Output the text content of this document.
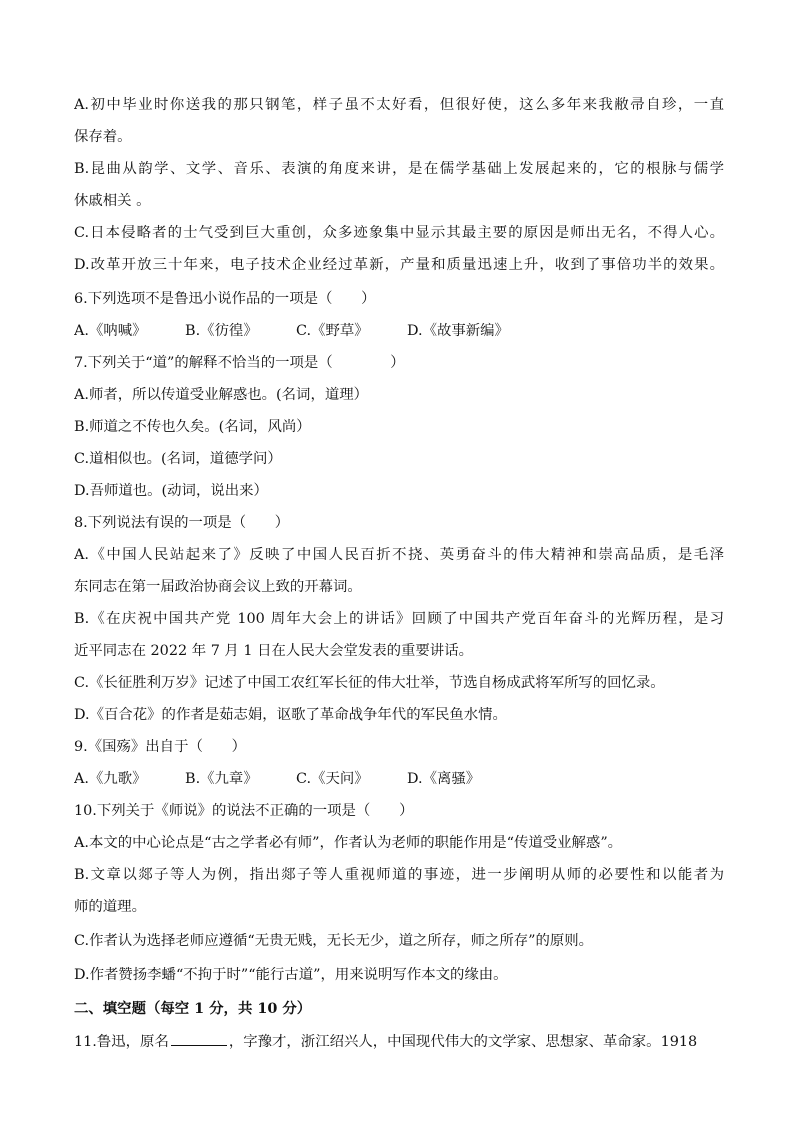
A.初中毕业时你送我的那只钢笔，样子虽不太好看，但很好使，这么多年来我敝帚自珍，一直
保存着。
B.昆曲从韵学、文学、音乐、表演的角度来讲，是在儒学基础上发展起来的，它的根脉与儒学
休戚相关 。
C.日本侵略者的士气受到巨大重创，众多迹象集中显示其最主要的原因是师出无名，不得人心。
D.改革开放三十年来，电子技术企业经过革新，产量和质量迅速上升，收到了事倍功半的效果。
6.下列选项不是鲁迅小说作品的一项是（　　）
A.《呐喊》	B.《彷徨》	C.《野草》	D.《故事新编》
7.下列关于“道”的解释不恰当的一项是（　　　　）
A.师者，所以传道受业解惑也。(名词，道理）
B.师道之不传也久矣。(名词，风尚）
C.道相似也。(名词，道德学问）
D.吾师道也。(动词，说出来）
8.下列说法有误的一项是（　　）
A.《中国人民站起来了》反映了中国人民百折不挠、英勇奋斗的伟大精神和崇高品质，是毛泽
东同志在第一届政治协商会议上致的开幕词。
B.《在庆祝中国共产党 100 周年大会上的讲话》回顾了中国共产党百年奋斗的光辉历程，是习
近平同志在 2022 年 7 月 1 日在人民大会堂发表的重要讲话。
C.《长征胜利万岁》记述了中国工农红军长征的伟大壮举，节选自杨成武将军所写的回忆录。
D.《百合花》的作者是茹志娟，讴歌了革命战争年代的军民鱼水情。
9.《国殇》出自于（　　）
A.《九歌》	B.《九章》	C.《天问》	D.《离骚》
10.下列关于《师说》的说法不正确的一项是（　　）
A.本文的中心论点是“古之学者必有师”，作者认为老师的职能作用是“传道受业解惑”。
B.文章以郯子等人为例，指出郯子等人重视师道的事迹，进一步阐明从师的必要性和以能者为
师的道理。
C.作者认为选择老师应遵循“无贵无贱，无长无少，道之所存，师之所存”的原则。
D.作者赞扬李蟠“不拘于时”“能行古道”，用来说明写作本文的缘由。
二、填空题（每空 1 分，共 10 分）
11.鲁迅，原名	，字豫才，浙江绍兴人，中国现代伟大的文学家、思想家、革命家。1918
